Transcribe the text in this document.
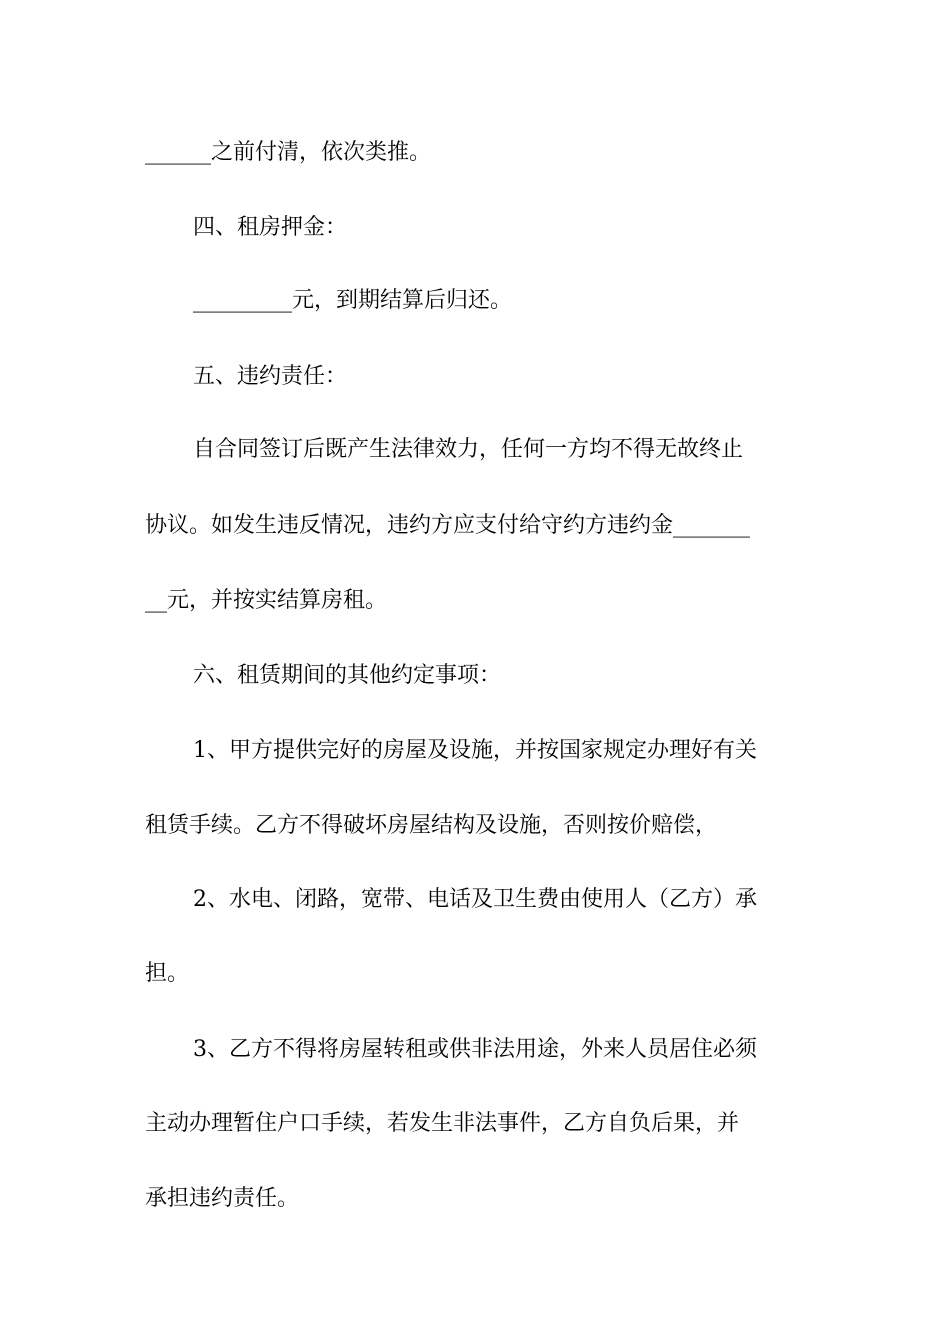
______之前付清，依次类推。
四、租房押金：
_________元，到期结算后归还。
五、违约责任：
自合同签订后既产生法律效力，任何一方均不得无故终止
协议。如发生违反情况，违约方应支付给守约方违约金_______
__元，并按实结算房租。
六、租赁期间的其他约定事项：
1、甲方提供完好的房屋及设施，并按国家规定办理好有关
租赁手续。乙方不得破坏房屋结构及设施，否则按价赔偿，
2、水电、闭路，宽带、电话及卫生费由使用人（乙方）承
担。
3、乙方不得将房屋转租或供非法用途，外来人员居住必须
主动办理暂住户口手续，若发生非法事件，乙方自负后果，并
承担违约责任。
